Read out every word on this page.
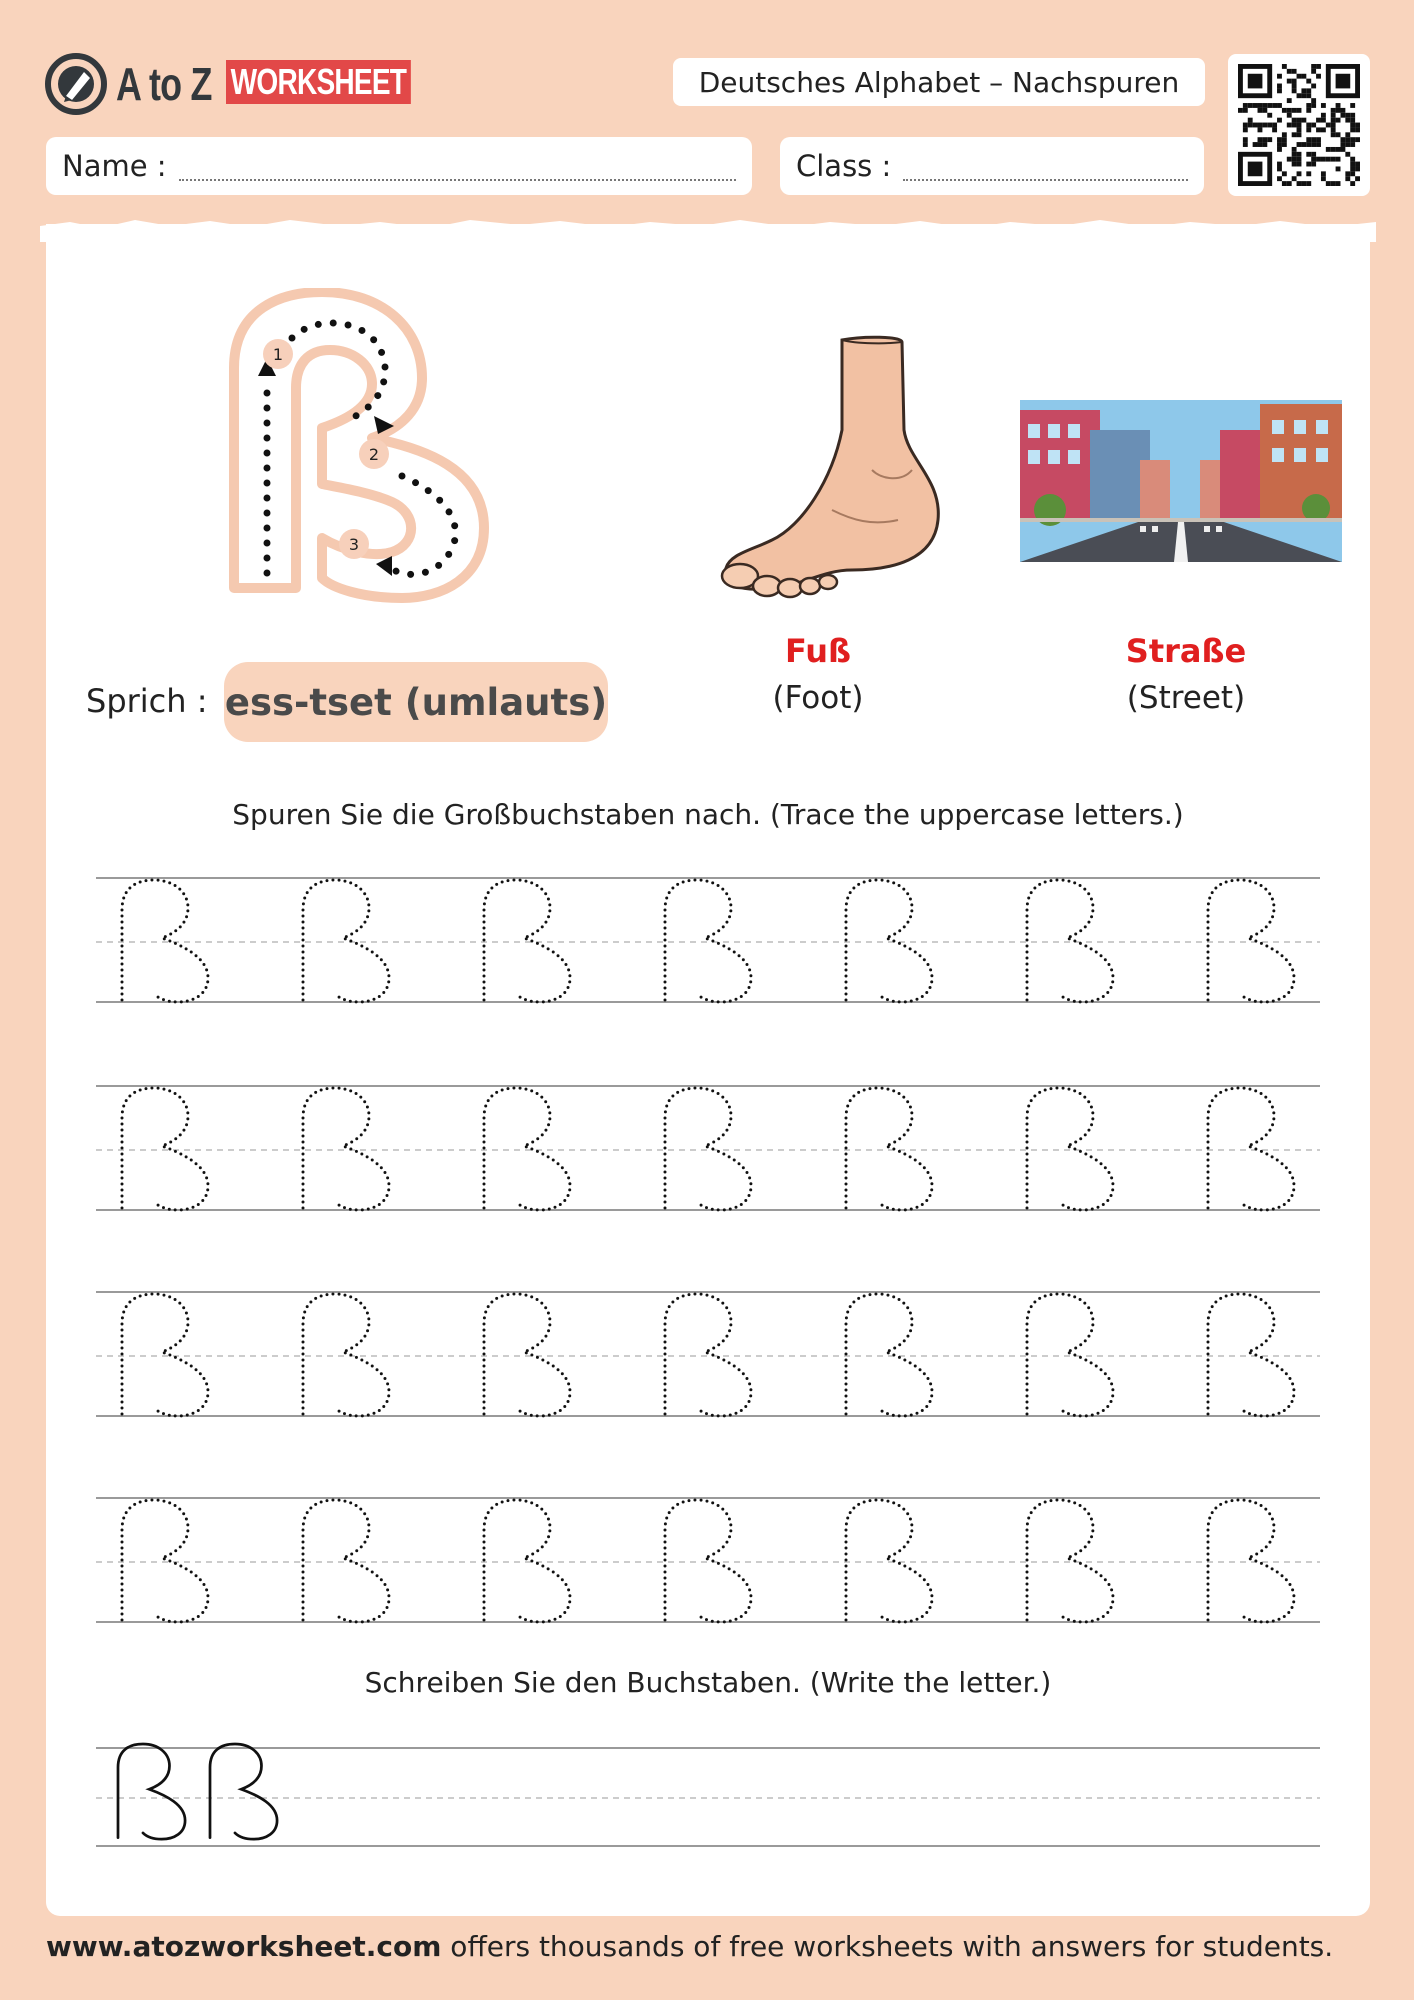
A to Z WORKSHEET	Deutsches Alphabet – Nachspuren
Name :	Class :
1
2
3
Sprich : ess-tset (umlauts)
Fuß
(Foot)
Straße
(Street)
Spuren Sie die Großbuchstaben nach. (Trace the uppercase letters.)
Schreiben Sie den Buchstaben. (Write the letter.)
www.atozworksheet.com offers thousands of free worksheets with answers for students.
